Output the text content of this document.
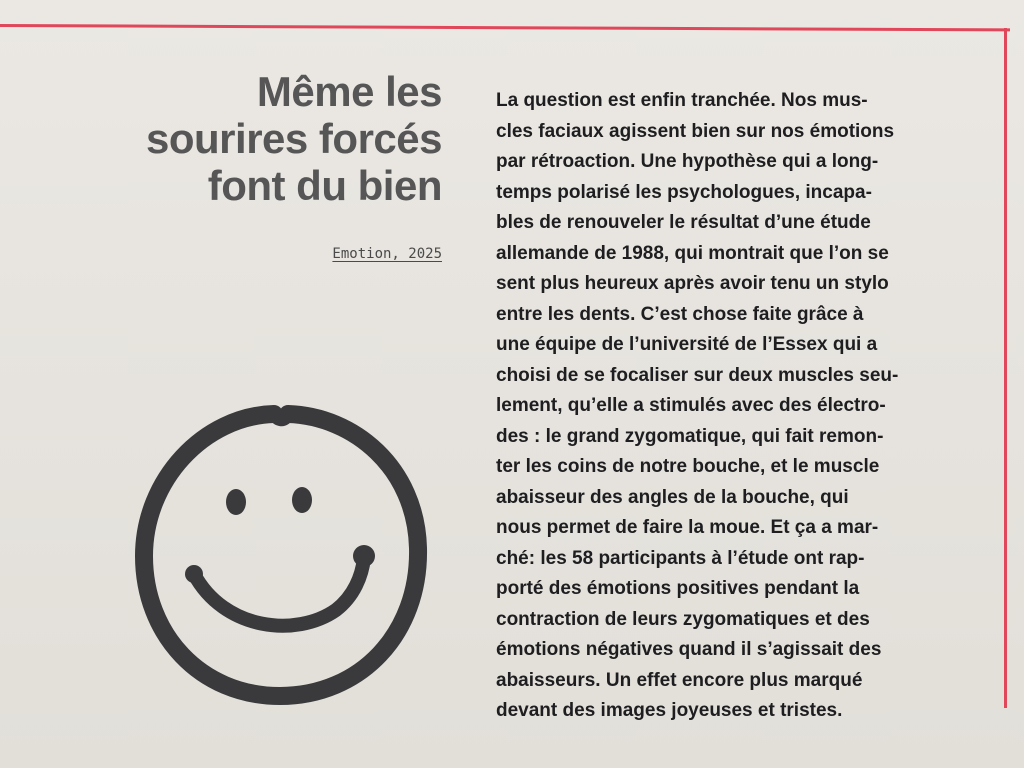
Même les
sourires forcés
font du bien
Emotion, 2025

La question est enfin tranchée. Nos mus-
cles faciaux agissent bien sur nos émotions
par rétroaction. Une hypothèse qui a long-
temps polarisé les psychologues, incapa-
bles de renouveler le résultat d’une étude
allemande de 1988, qui montrait que l’on se
sent plus heureux après avoir tenu un stylo
entre les dents. C’est chose faite grâce à
une équipe de l’université de l’Essex qui a
choisi de se focaliser sur deux muscles seu-
lement, qu’elle a stimulés avec des électro-
des : le grand zygomatique, qui fait remon-
ter les coins de notre bouche, et le muscle
abaisseur des angles de la bouche, qui
nous permet de faire la moue. Et ça a mar-
ché: les 58 participants à l’étude ont rap-
porté des émotions positives pendant la
contraction de leurs zygomatiques et des
émotions négatives quand il s’agissait des
abaisseurs. Un effet encore plus marqué
devant des images joyeuses et tristes.
